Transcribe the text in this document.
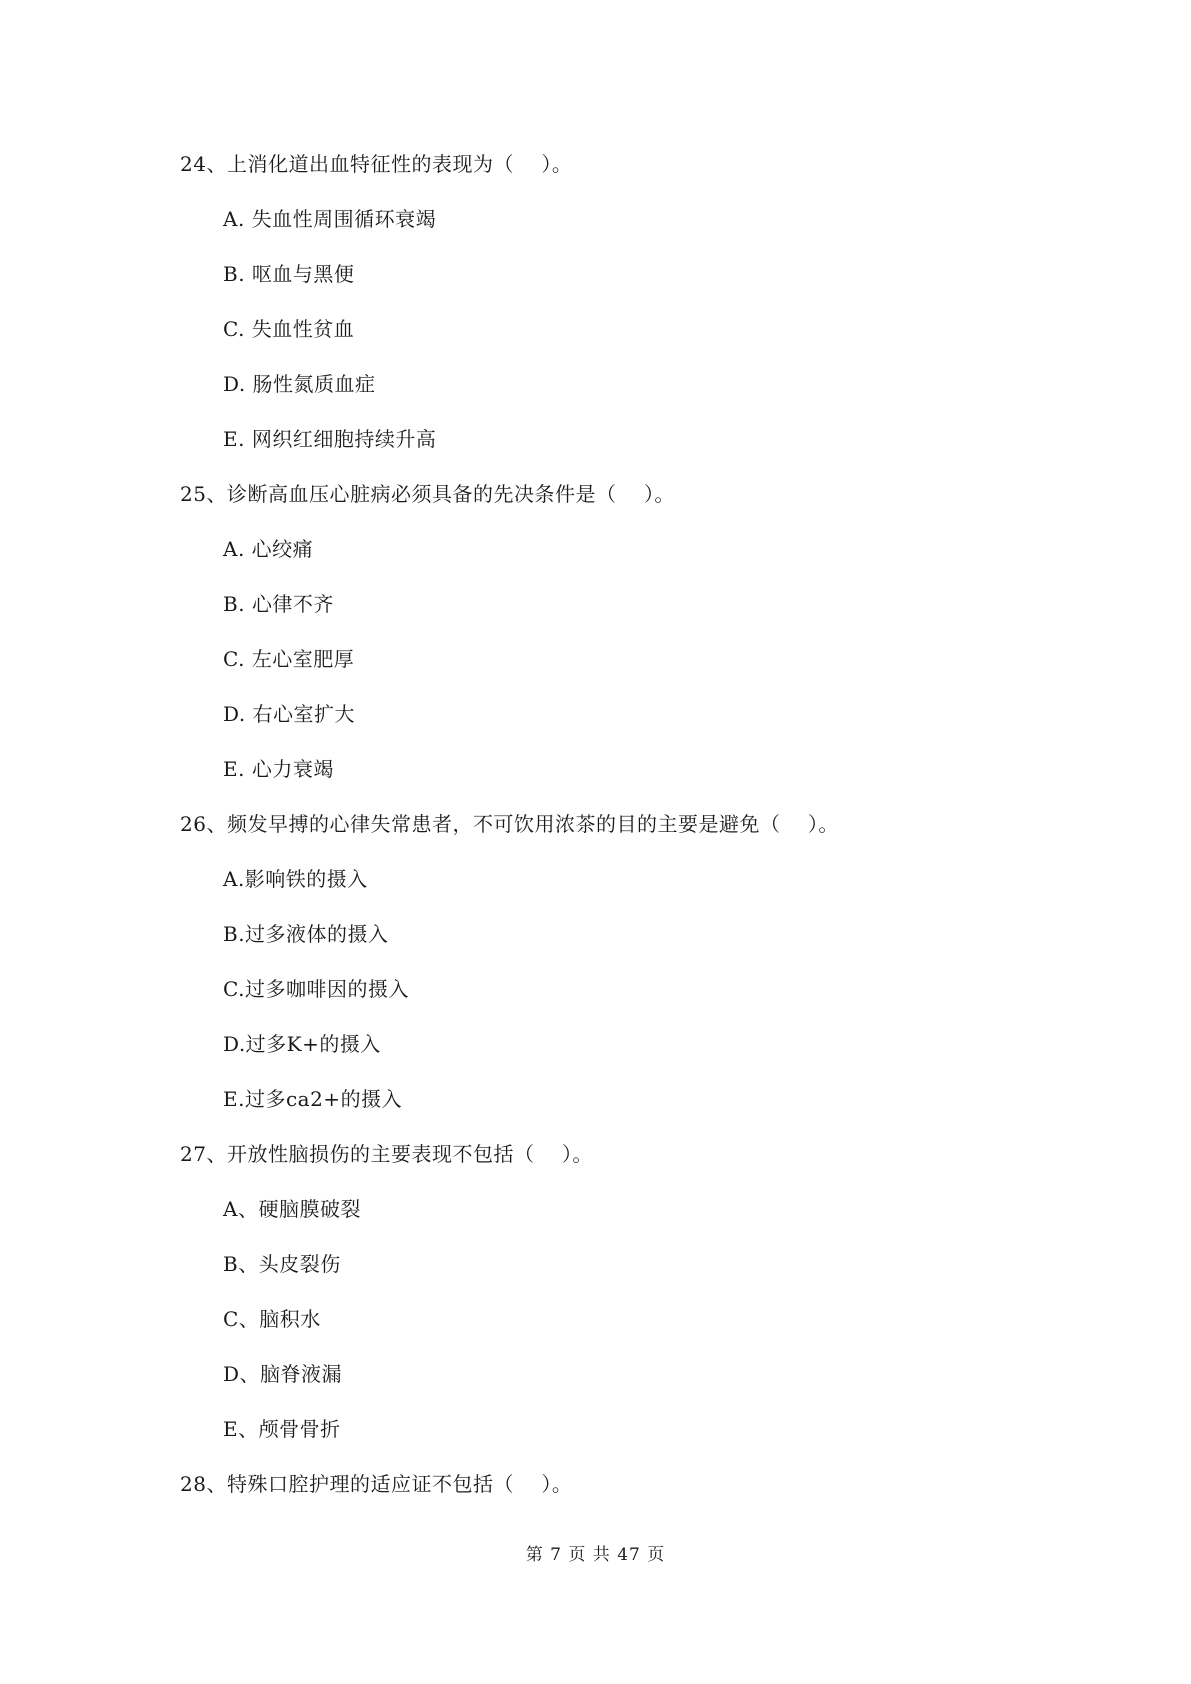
24、上消化道出血特征性的表现为（    ）。
A. 失血性周围循环衰竭
B. 呕血与黑便
C. 失血性贫血
D. 肠性氮质血症
E. 网织红细胞持续升高
25、诊断高血压心脏病必须具备的先决条件是（    ）。
A. 心绞痛
B. 心律不齐
C. 左心室肥厚
D. 右心室扩大
E. 心力衰竭
26、频发早搏的心律失常患者，不可饮用浓茶的目的主要是避免（    ）。
A.影响铁的摄入
B.过多液体的摄入
C.过多咖啡因的摄入
D.过多K+的摄入
E.过多ca2+的摄入
27、开放性脑损伤的主要表现不包括（    ）。
A、硬脑膜破裂
B、头皮裂伤
C、脑积水
D、脑脊液漏
E、颅骨骨折
28、特殊口腔护理的适应证不包括（    ）。
第 7 页 共 47 页
